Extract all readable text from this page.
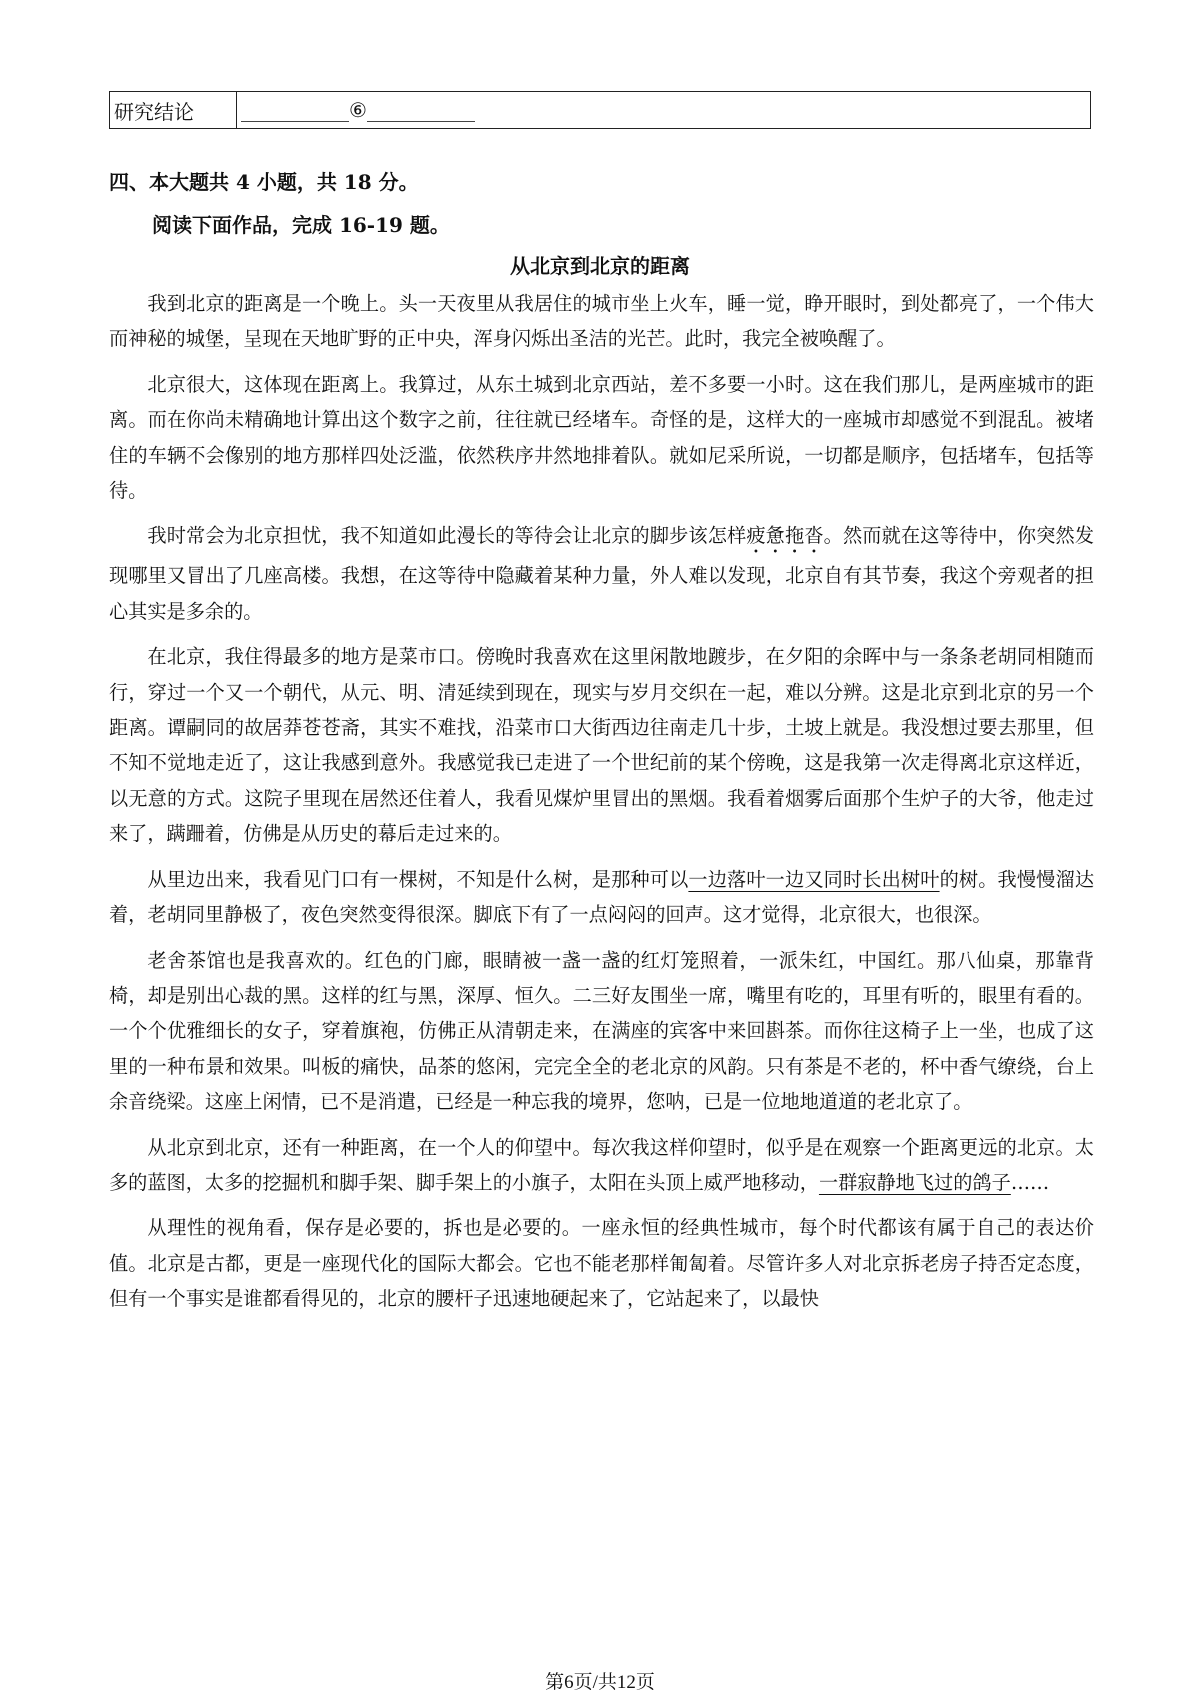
研究结论	⑥
四、本大题共 4 小题，共 18 分。
阅读下面作品，完成 16-19 题。
从北京到北京的距离

我到北京的距离是一个晚上。头一天夜里从我居住的城市坐上火车，睡一觉，睁开眼时，到处都亮了，一个伟大而神秘的城堡，呈现在天地旷野的正中央，浑身闪烁出圣洁的光芒。此时，我完全被唤醒了。

北京很大，这体现在距离上。我算过，从东土城到北京西站，差不多要一小时。这在我们那儿，是两座城市的距离。而在你尚未精确地计算出这个数字之前，往往就已经堵车。奇怪的是，这样大的一座城市却感觉不到混乱。被堵住的车辆不会像别的地方那样四处泛滥，依然秩序井然地排着队。就如尼采所说，一切都是顺序，包括堵车，包括等待。

我时常会为北京担忧，我不知道如此漫长的等待会让北京的脚步该怎样疲惫拖沓。然而就在这等待中，你突然发现哪里又冒出了几座高楼。我想，在这等待中隐藏着某种力量，外人难以发现，北京自有其节奏，我这个旁观者的担心其实是多余的。

在北京，我住得最多的地方是菜市口。傍晚时我喜欢在这里闲散地踱步，在夕阳的余晖中与一条条老胡同相随而行，穿过一个又一个朝代，从元、明、清延续到现在，现实与岁月交织在一起，难以分辨。这是北京到北京的另一个距离。谭嗣同的故居莽苍苍斋，其实不难找，沿菜市口大街西边往南走几十步，土坡上就是。我没想过要去那里，但不知不觉地走近了，这让我感到意外。我感觉我已走进了一个世纪前的某个傍晚，这是我第一次走得离北京这样近，以无意的方式。这院子里现在居然还住着人，我看见煤炉里冒出的黑烟。我看着烟雾后面那个生炉子的大爷，他走过来了，蹒跚着，仿佛是从历史的幕后走过来的。

从里边出来，我看见门口有一棵树，不知是什么树，是那种可以一边落叶一边又同时长出树叶的树。我慢慢溜达着，老胡同里静极了，夜色突然变得很深。脚底下有了一点闷闷的回声。这才觉得，北京很大，也很深。

老舍茶馆也是我喜欢的。红色的门廊，眼睛被一盏一盏的红灯笼照着，一派朱红，中国红。那八仙桌，那靠背椅，却是别出心裁的黑。这样的红与黑，深厚、恒久。二三好友围坐一席，嘴里有吃的，耳里有听的，眼里有看的。一个个优雅细长的女子，穿着旗袍，仿佛正从清朝走来，在满座的宾客中来回斟茶。而你往这椅子上一坐，也成了这里的一种布景和效果。叫板的痛快，品茶的悠闲，完完全全的老北京的风韵。只有茶是不老的，杯中香气缭绕，台上余音绕梁。这座上闲情，已不是消遣，已经是一种忘我的境界，您呐，已是一位地地道道的老北京了。

从北京到北京，还有一种距离，在一个人的仰望中。每次我这样仰望时，似乎是在观察一个距离更远的北京。太多的蓝图，太多的挖掘机和脚手架、脚手架上的小旗子，太阳在头顶上威严地移动，一群寂静地飞过的鸽子……

从理性的视角看，保存是必要的，拆也是必要的。一座永恒的经典性城市，每个时代都该有属于自己的表达价值。北京是古都，更是一座现代化的国际大都会。它也不能老那样匍匐着。尽管许多人对北京拆老房子持否定态度，但有一个事实是谁都看得见的，北京的腰杆子迅速地硬起来了，它站起来了，以最快

第6页/共12页
